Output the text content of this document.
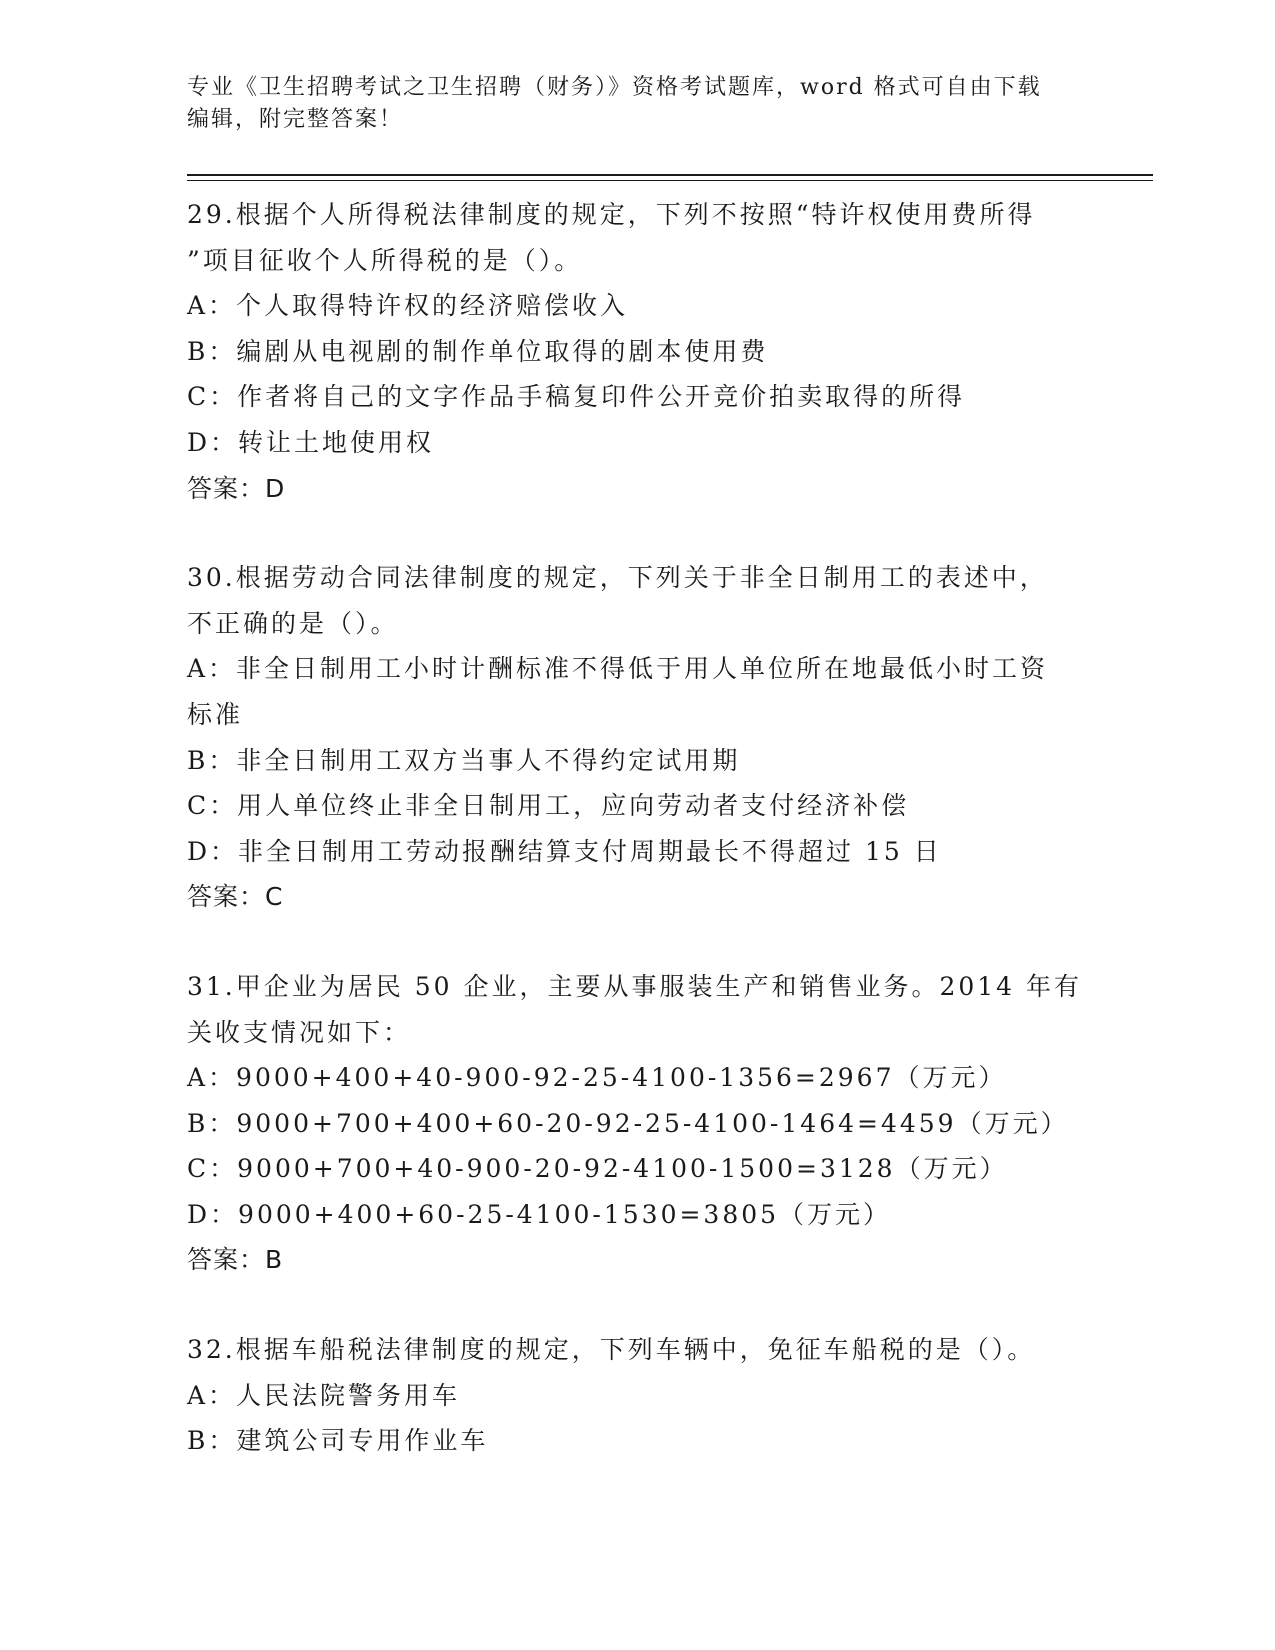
专业《卫生招聘考试之卫生招聘（财务）》资格考试题库，word 格式可自由下载
编辑，附完整答案！
29.根据个人所得税法律制度的规定，下列不按照“特许权使用费所得
”项目征收个人所得税的是（）。
A：个人取得特许权的经济赔偿收入
B：编剧从电视剧的制作单位取得的剧本使用费
C：作者将自己的文字作品手稿复印件公开竞价拍卖取得的所得
D：转让土地使用权
答案：D
30.根据劳动合同法律制度的规定，下列关于非全日制用工的表述中，
不正确的是（）。
A：非全日制用工小时计酬标准不得低于用人单位所在地最低小时工资
标准
B：非全日制用工双方当事人不得约定试用期
C：用人单位终止非全日制用工，应向劳动者支付经济补偿
D：非全日制用工劳动报酬结算支付周期最长不得超过 15 日
答案：C
31.甲企业为居民 50 企业，主要从事服装生产和销售业务。2014 年有
关收支情况如下：
A：9000+400+40-900-92-25-4100-1356=2967（万元）
B：9000+700+400+60-20-92-25-4100-1464=4459（万元）
C：9000+700+40-900-20-92-4100-1500=3128（万元）
D：9000+400+60-25-4100-1530=3805（万元）
答案：B
32.根据车船税法律制度的规定，下列车辆中，免征车船税的是（）。
A：人民法院警务用车
B：建筑公司专用作业车
